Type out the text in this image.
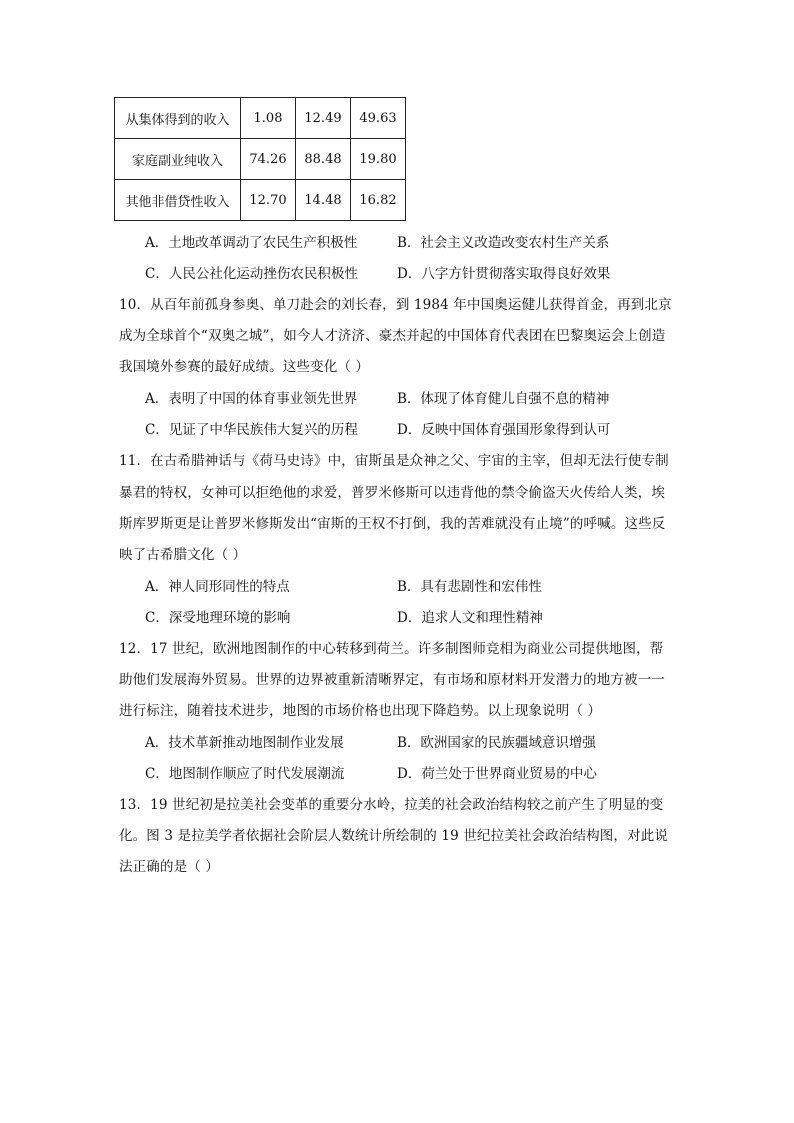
从集体得到的收入	1.08	12.49	49.63
家庭副业纯收入	74.26	88.48	19.80
其他非借贷性收入	12.70	14.48	16.82
A．土地改革调动了农民生产积极性	B．社会主义改造改变农村生产关系
C．人民公社化运动挫伤农民积极性	D．八字方针贯彻落实取得良好效果
10．从百年前孤身参奥、单刀赴会的刘长春，到 1984 年中国奥运健儿获得首金，再到北京
成为全球首个“双奥之城”，如今人才济济、豪杰并起的中国体育代表团在巴黎奥运会上创造
我国境外参赛的最好成绩。这些变化（ ）
A．表明了中国的体育事业领先世界	B．体现了体育健儿自强不息的精神
C．见证了中华民族伟大复兴的历程	D．反映中国体育强国形象得到认可
11．在古希腊神话与《荷马史诗》中，宙斯虽是众神之父、宇宙的主宰，但却无法行使专制
暴君的特权，女神可以拒绝他的求爱，普罗米修斯可以违背他的禁令偷盗天火传给人类，埃
斯库罗斯更是让普罗米修斯发出“宙斯的王权不打倒，我的苦难就没有止境”的呼喊。这些反
映了古希腊文化（ ）
A．神人同形同性的特点	B．具有悲剧性和宏伟性
C．深受地理环境的影响	D．追求人文和理性精神
12．17 世纪，欧洲地图制作的中心转移到荷兰。许多制图师竞相为商业公司提供地图，帮
助他们发展海外贸易。世界的边界被重新清晰界定，有市场和原材料开发潜力的地方被一一
进行标注，随着技术进步，地图的市场价格也出现下降趋势。以上现象说明（ ）
A．技术革新推动地图制作业发展	B．欧洲国家的民族疆域意识增强
C．地图制作顺应了时代发展潮流	D．荷兰处于世界商业贸易的中心
13．19 世纪初是拉美社会变革的重要分水岭，拉美的社会政治结构较之前产生了明显的变
化。图 3 是拉美学者依据社会阶层人数统计所绘制的 19 世纪拉美社会政治结构图，对此说
法正确的是（ ）
